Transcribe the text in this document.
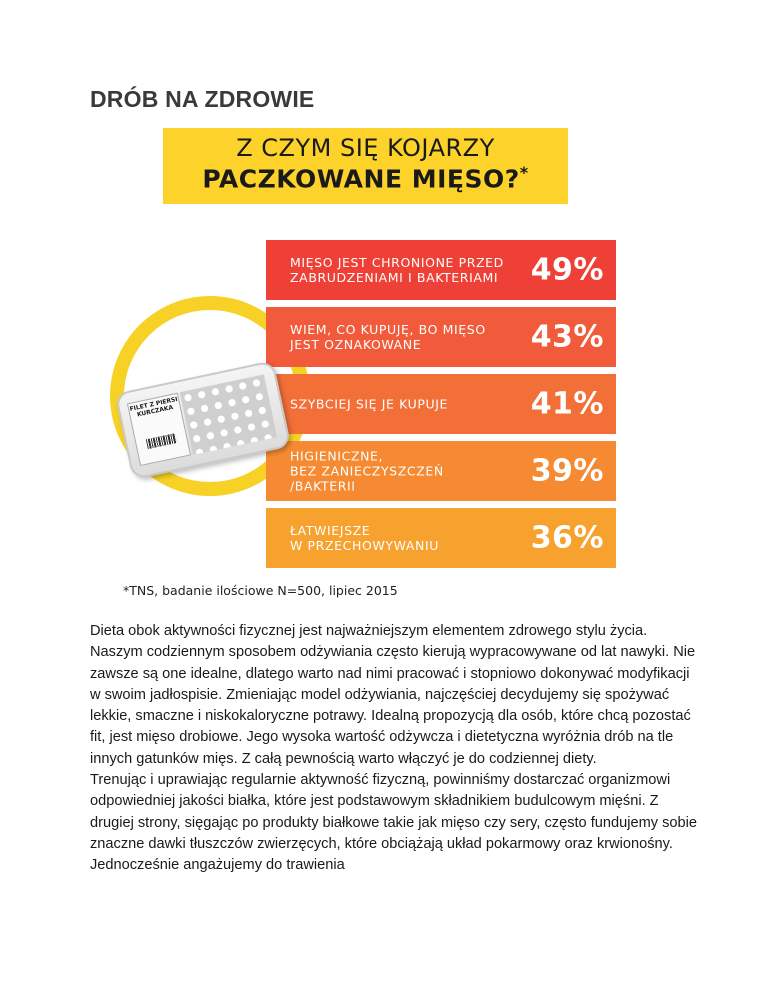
DRÓB NA ZDROWIE
Z CZYM SIĘ KOJARZY
PACZKOWANE MIĘSO?*
MIĘSO JEST CHRONIONE PRZED
ZABRUDZENIAMI I BAKTERIAMI 49%
WIEM, CO KUPUJĘ, BO MIĘSO
JEST OZNAKOWANE	43%
SZYBCIEJ SIĘ JE KUPUJE	41%
HIGIENICZNE,
BEZ ZANIECZYSZCZEŃ
/BAKTERII	39%
ŁATWIEJSZE
W PRZECHOWYWANIU	36%
FILET Z PIERSI KURCZAKA

*TNS, badanie ilościowe N=500, lipiec 2015

Dieta obok aktywności fizycznej jest najważniejszym elementem zdrowego stylu życia. Naszym codziennym sposobem odżywiania często kierują wypracowywane od lat nawyki. Nie zawsze są one idealne, dlatego warto nad nimi pracować i stopniowo dokonywać modyfikacji w swoim jadłospisie. Zmieniając model odżywiania, najczęściej decydujemy się spożywać lekkie, smaczne i niskokaloryczne potrawy. Idealną propozycją dla osób, które chcą pozostać fit, jest mięso drobiowe. Jego wysoka wartość odżywcza i dietetyczna wyróżnia drób na tle innych gatunków mięs. Z całą pewnością warto włączyć je do codziennej diety.

Trenując i uprawiając regularnie aktywność fizyczną, powinniśmy dostarczać organizmowi odpowiedniej jakości białka, które jest podstawowym składnikiem budulcowym mięśni. Z drugiej strony, sięgając po produkty białkowe takie jak mięso czy sery, często fundujemy sobie znaczne dawki tłuszczów zwierzęcych, które obciążają układ pokarmowy oraz krwionośny. Jednocześnie angażujemy do trawienia
